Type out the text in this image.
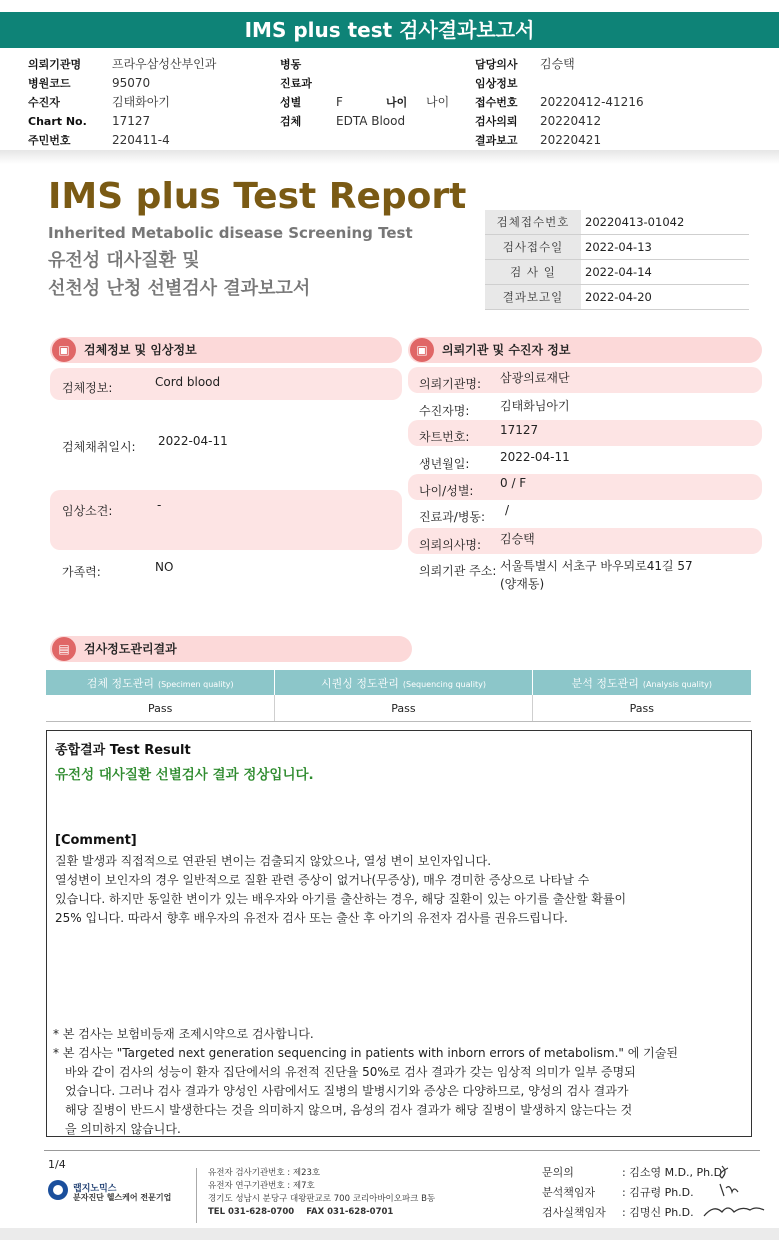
IMS plus test 검사결과보고서
의뢰기관명	프라우삼성산부인과
병원코드	95070
수진자	김태화아기
Chart No. 17127
주민번호	220411-4
병동
진료과
성별	F	나이 나이
검체	EDTA Blood
담당의사 김승택
임상정보
접수번호 20220412-41216
검사의뢰 20220412
결과보고 20220421
IMS plus Test Report
Inherited Metabolic disease Screening Test
유전성 대사질환 및
선천성 난청 선별검사 결과보고서
검체접수번호	20220413-01042
검사접수일	2022-04-13
검 사 일	2022-04-14
결과보고일	2022-04-20
▣	검체정보 및 임상정보
검체정보:	Cord blood
검체채취일시: 2022-04-11
임상소견:	-
가족력:	NO
▣	의뢰기관 및 수진자 정보
의뢰기관명: 삼광의료재단
수진자명:	김태화님아기
차트번호:	17127
생년월일:	2022-04-11
나이/성별:
0 / F
진료과/병동: /
의뢰의사명: 김승택
의뢰기관 주소: 서울특별시 서초구 바우뫼로41길 57
(양재동)
▤	검사정도관리결과
검체 정도관리 (Specimen quality)	시퀀싱 정도관리 (Sequencing quality)	분석 정도관리 (Analysis quality)
Pass	Pass	Pass
종합결과 Test Result
유전성 대사질환 선별검사 결과 정상입니다.
[Comment]
질환 발생과 직접적으로 연관된 변이는 검출되지 않았으나, 열성 변이 보인자입니다.
열성변이 보인자의 경우 일반적으로 질환 관련 증상이 없거나(무증상), 매우 경미한 증상으로 나타날 수
있습니다. 하지만 동일한 변이가 있는 배우자와 아기를 출산하는 경우, 해당 질환이 있는 아기를 출산할 확률이
25% 입니다. 따라서 향후 배우자의 유전자 검사 또는 출산 후 아기의 유전자 검사를 권유드립니다.
* 본 검사는 보험비등재 조제시약으로 검사합니다.
* 본 검사는 "Targeted next generation sequencing in patients with inborn errors of metabolism." 에 기술된
바와 같이 검사의 성능이 환자 집단에서의 유전적 진단율 50%로 검사 결과가 갖는 임상적 의미가 일부 증명되
었습니다. 그러나 검사 결과가 양성인 사람에서도 질병의 발병시기와 증상은 다양하므로, 양성의 검사 결과가
해당 질병이 반드시 발생한다는 것을 의미하지 않으며, 음성의 검사 결과가 해당 질병이 발생하지 않는다는 것
을 의미하지 않습니다.
1/4
랩지노믹스
분자진단 헬스케어 전문기업
유전자 검사기관번호 : 제23호
유전자 연구기관번호 : 제7호
경기도 성남시 분당구 대왕판교로 700 코리아바이오파크 B동
TEL 031-628-0700 FAX 031-628-0701
문의의	: 김소영 M.D., Ph.D.
분석책임자 : 김규령 Ph.D.
검사실책임자 : 김명신 Ph.D.
